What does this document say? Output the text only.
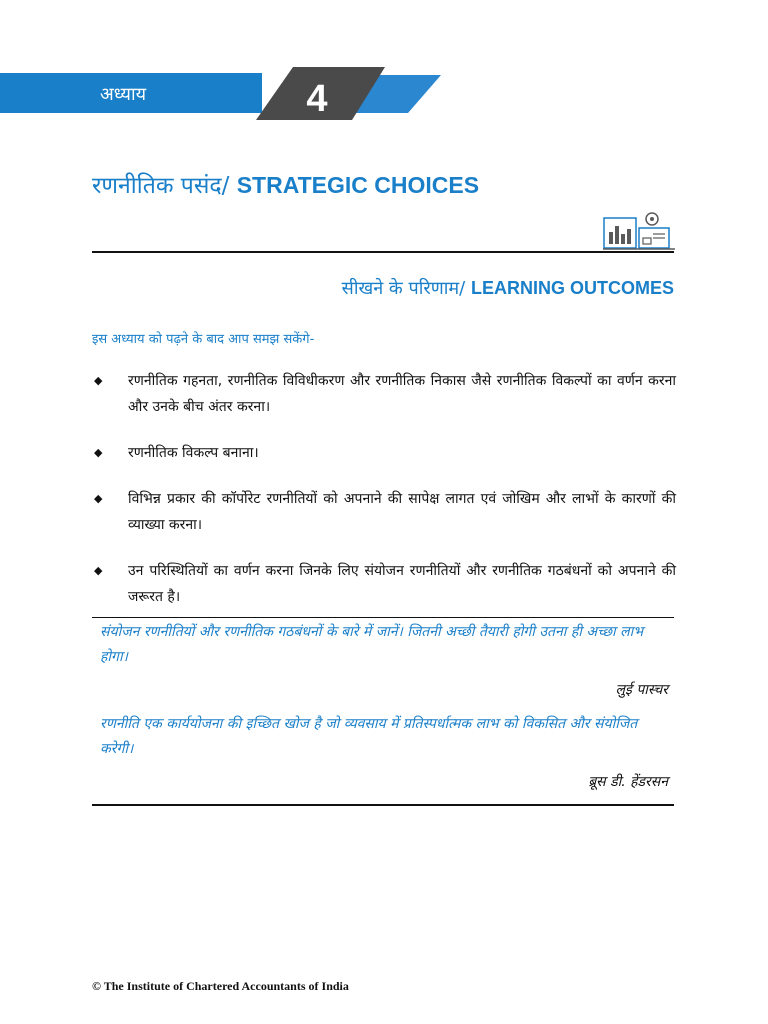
अध्याय	4
रणनीतिक पसंद/ STRATEGIC CHOICES
सीखने के परिणाम/ LEARNING OUTCOMES
इस अध्याय को पढ़ने के बाद आप समझ सकेंगे-
◆ रणनीतिक गहनता, रणनीतिक विविधीकरण और रणनीतिक निकास जैसे रणनीतिक विकल्पों का वर्णन करना और उनके बीच अंतर करना।
◆ रणनीतिक विकल्प बनाना।
◆ विभिन्न प्रकार की कॉर्पोरेट रणनीतियों को अपनाने की सापेक्ष लागत एवं जोखिम और लाभों के कारणों की व्याख्या करना।
◆ उन परिस्थितियों का वर्णन करना जिनके लिए संयोजन रणनीतियों और रणनीतिक गठबंधनों को अपनाने की जरूरत है।
संयोजन रणनीतियों और रणनीतिक गठबंधनों के बारे में जानें। जितनी अच्छी तैयारी होगी उतना ही अच्छा लाभ होगा।
लुई पास्चर
रणनीति एक कार्ययोजना की इच्छित खोज है जो व्यवसाय में प्रतिस्पर्धात्मक लाभ को विकसित और संयोजित करेगी।
ब्रूस डी. हेंडरसन
© The Institute of Chartered Accountants of India
